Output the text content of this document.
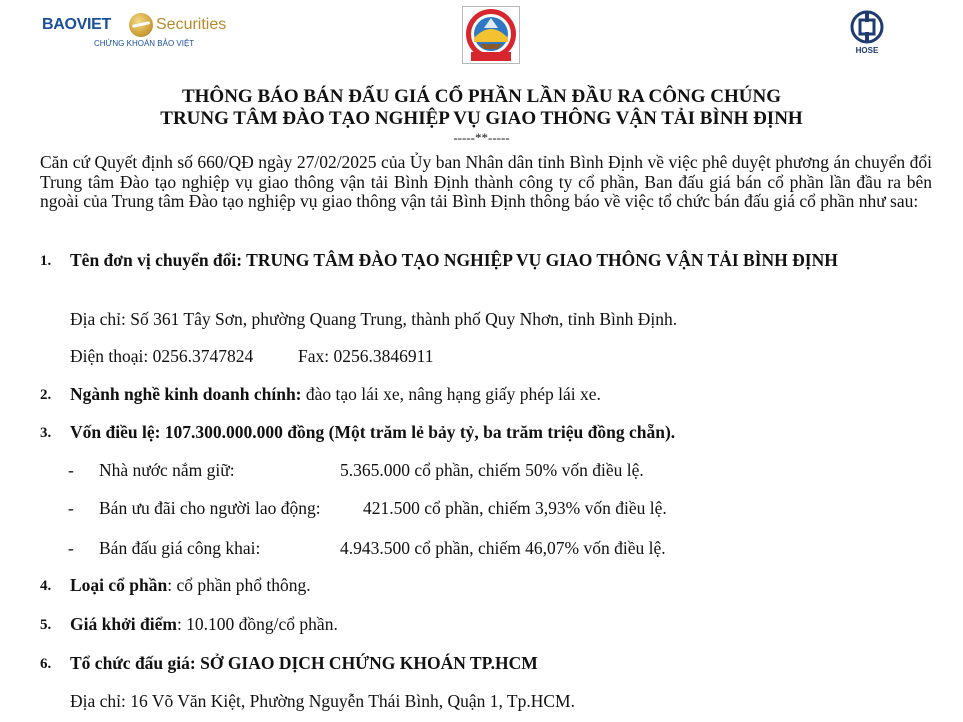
BAOVIET	Securities
CHỨNG KHOÁN BẢO VIỆT
HOSE
THÔNG BÁO BÁN ĐẤU GIÁ CỔ PHẦN LẦN ĐẦU RA CÔNG CHÚNG
TRUNG TÂM ĐÀO TẠO NGHIỆP VỤ GIAO THÔNG VẬN TẢI BÌNH ĐỊNH
-----**-----

Căn cứ Quyết định số 660/QĐ ngày 27/02/2025 của Ủy ban Nhân dân tỉnh Bình Định về việc phê duyệt phương án chuyển đổi Trung tâm Đào tạo nghiệp vụ giao thông vận tải Bình Định thành công ty cổ phần, Ban đấu giá bán cổ phần lần đầu ra bên ngoài của Trung tâm Đào tạo nghiệp vụ giao thông vận tải Bình Định thông báo về việc tổ chức bán đấu giá cổ phần như sau:

1.	Tên đơn vị chuyển đổi: TRUNG TÂM ĐÀO TẠO NGHIỆP VỤ GIAO THÔNG VẬN TẢI BÌNH ĐỊNH
Địa chỉ: Số 361 Tây Sơn, phường Quang Trung, thành phố Quy Nhơn, tỉnh Bình Định.
Điện thoại: 0256.3747824	Fax: 0256.3846911
2.	Ngành nghề kinh doanh chính: đào tạo lái xe, nâng hạng giấy phép lái xe.
3.	Vốn điều lệ: 107.300.000.000 đồng (Một trăm lẻ bảy tỷ, ba trăm triệu đồng chẵn).
- Nhà nước nắm giữ:	5.365.000 cổ phần, chiếm 50% vốn điều lệ.
- Bán ưu đãi cho người lao động: 421.500 cổ phần, chiếm 3,93% vốn điều lệ.
- Bán đấu giá công khai:	4.943.500 cổ phần, chiếm 46,07% vốn điều lệ.
4.	Loại cổ phần: cổ phần phổ thông.
5.	Giá khởi điểm: 10.100 đồng/cổ phần.
6.	Tổ chức đấu giá: SỞ GIAO DỊCH CHỨNG KHOÁN TP.HCM
Địa chỉ: 16 Võ Văn Kiệt, Phường Nguyễn Thái Bình, Quận 1, Tp.HCM.
